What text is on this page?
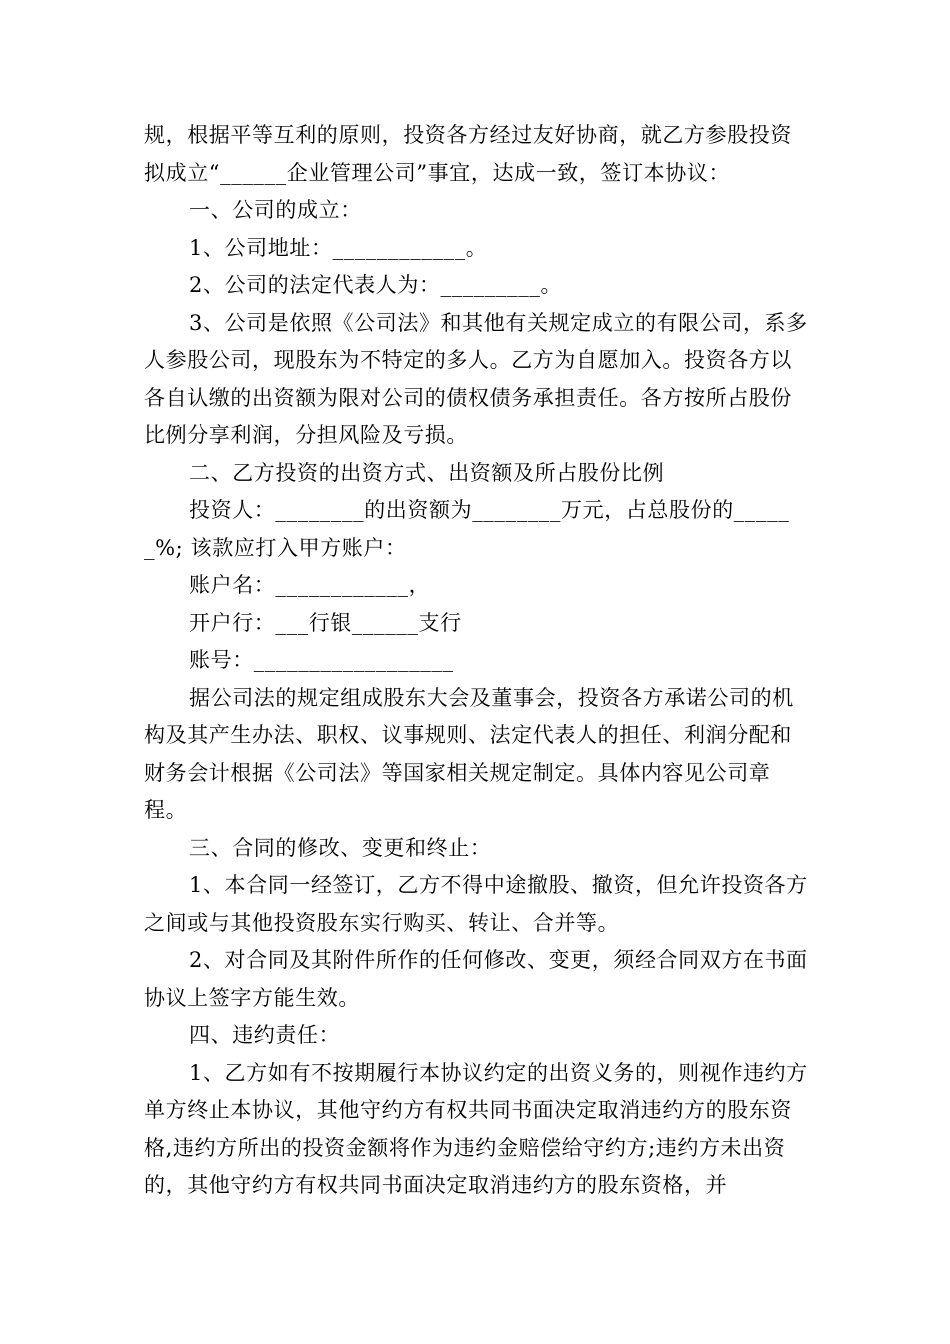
规，根据平等互利的原则，投资各方经过友好协商，就乙方参股投资拟成立“______企业管理公司”事宜，达成一致，签订本协议：

一、公司的成立：

1、公司地址：____________。

2、公司的法定代表人为：_________。

3、公司是依照《公司法》和其他有关规定成立的有限公司，系多人参股公司，现股东为不特定的多人。乙方为自愿加入。投资各方以各自认缴的出资额为限对公司的债权债务承担责任。各方按所占股份比例分享利润，分担风险及亏损。

二、乙方投资的出资方式、出资额及所占股份比例

投资人：________的出资额为________万元，占总股份的______%; 该款应打入甲方账户：

账户名：____________，

开户行：___行银______支行

账号：__________________

据公司法的规定组成股东大会及董事会，投资各方承诺公司的机构及其产生办法、职权、议事规则、法定代表人的担任、利润分配和财务会计根据《公司法》等国家相关规定制定。具体内容见公司章程。

三、合同的修改、变更和终止：

1、本合同一经签订，乙方不得中途撤股、撤资，但允许投资各方之间或与其他投资股东实行购买、转让、合并等。

2、对合同及其附件所作的任何修改、变更，须经合同双方在书面协议上签字方能生效。

四、违约责任：

1、乙方如有不按期履行本协议约定的出资义务的，则视作违约方单方终止本协议，其他守约方有权共同书面决定取消违约方的股东资格,违约方所出的投资金额将作为违约金赔偿给守约方;违约方未出资的，其他守约方有权共同书面决定取消违约方的股东资格，并
